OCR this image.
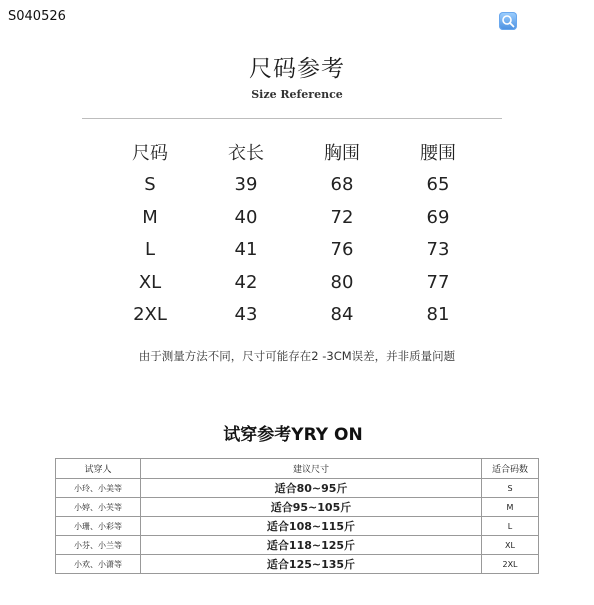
S040526
尺码参考
Size Reference
尺码	衣长	胸围	腰围
S	39	68	65
M	40	72	69
L	41	76	73
XL	42	80	77
2XL	43	84	81
由于测量方法不同，尺寸可能存在2 -3CM误差，并非质量问题
试穿参考YRY ON
试穿人	建议尺寸	适合码数
小玲、小美等	适合80~95斤	S
小婷、小芙等	适合95~105斤	M
小珊、小彩等	适合108~115斤	L
小芬、小兰等	适合118~125斤	XL
小欢、小潇等	适合125~135斤	2XL
